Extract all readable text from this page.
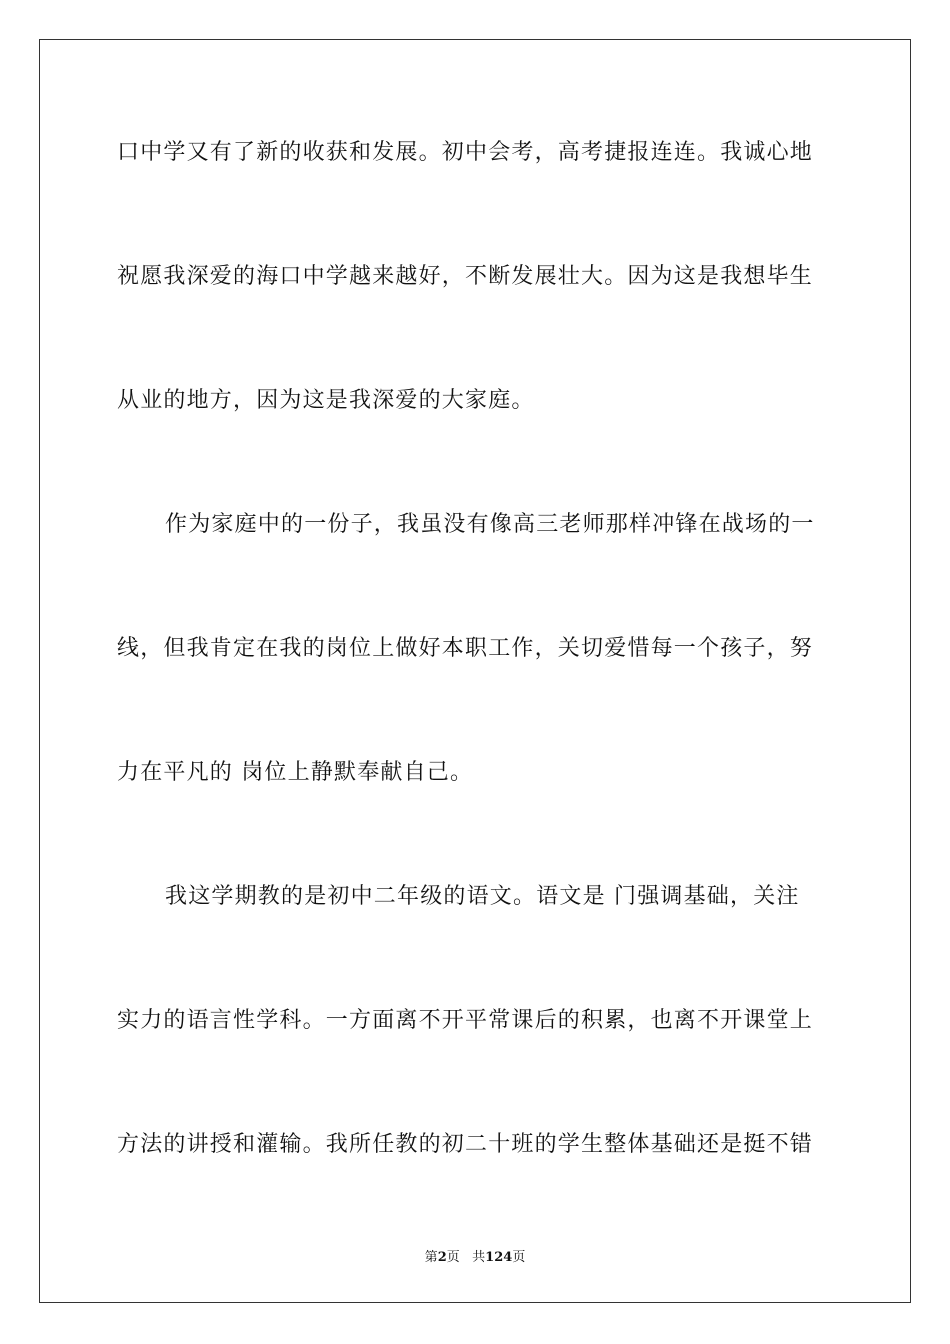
口中学又有了新的收获和发展。初中会考，高考捷报连连。我诚心地
祝愿我深爱的海口中学越来越好，不断发展壮大。因为这是我想毕生
从业的地方，因为这是我深爱的大家庭。
作为家庭中的一份子，我虽没有像高三老师那样冲锋在战场的一
线，但我肯定在我的岗位上做好本职工作，关切爱惜每一个孩子，努
力在平凡的 岗位上静默奉献自己。
我这学期教的是初中二年级的语文。语文是 门强调基础，关注
实力的语言性学科。一方面离不开平常课后的积累，也离不开课堂上
方法的讲授和灌输。我所任教的初二十班的学生整体基础还是挺不错
第2页 共124页
